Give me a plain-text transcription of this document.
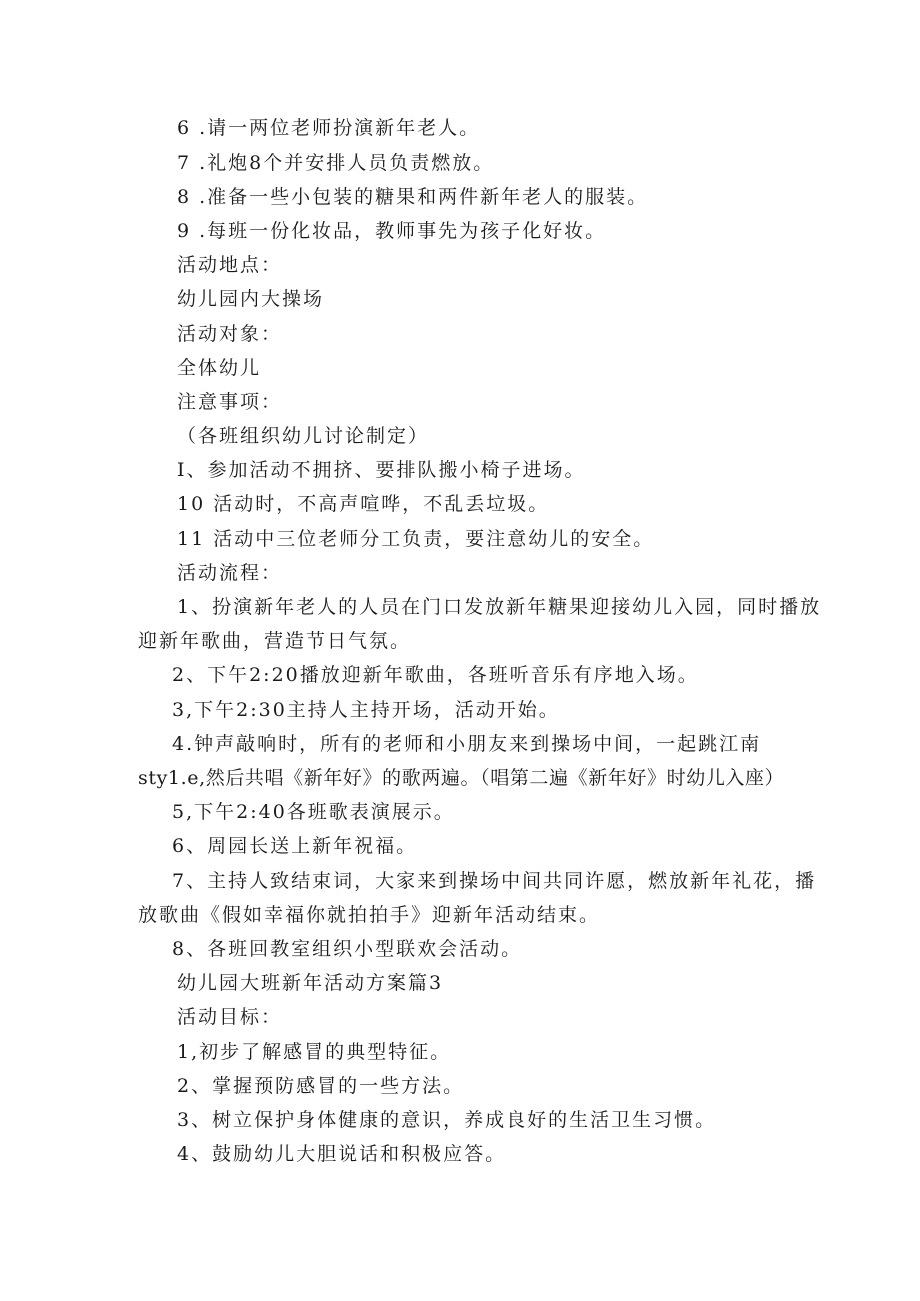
6 .请一两位老师扮演新年老人。
7 .礼炮8个并安排人员负责燃放。
8 .准备一些小包装的糖果和两件新年老人的服装。
9 .每班一份化妆品，教师事先为孩子化好妆。
活动地点：
幼儿园内大操场
活动对象：
全体幼儿
注意事项：
（各班组织幼儿讨论制定）
I、参加活动不拥挤、要排队搬小椅子进场。
10 活动时，不高声喧哗，不乱丢垃圾。
11 活动中三位老师分工负责，要注意幼儿的安全。
活动流程：
1、扮演新年老人的人员在门口发放新年糖果迎接幼儿入园，同时播放
迎新年歌曲，营造节日气氛。
2、下午2:20播放迎新年歌曲，各班听音乐有序地入场。
3,下午2:30主持人主持开场，活动开始。
4.钟声敲响时，所有的老师和小朋友来到操场中间，一起跳江南
sty1.e,然后共唱《新年好》的歌两遍。（唱第二遍《新年好》时幼儿入座）
5,下午2:40各班歌表演展示。
6、周园长送上新年祝福。
7、主持人致结束词，大家来到操场中间共同许愿，燃放新年礼花，播
放歌曲《假如幸福你就拍拍手》迎新年活动结束。
8、各班回教室组织小型联欢会活动。
幼儿园大班新年活动方案篇3
活动目标：
1,初步了解感冒的典型特征。
2、掌握预防感冒的一些方法。
3、树立保护身体健康的意识，养成良好的生活卫生习惯。
4、鼓励幼儿大胆说话和积极应答。
